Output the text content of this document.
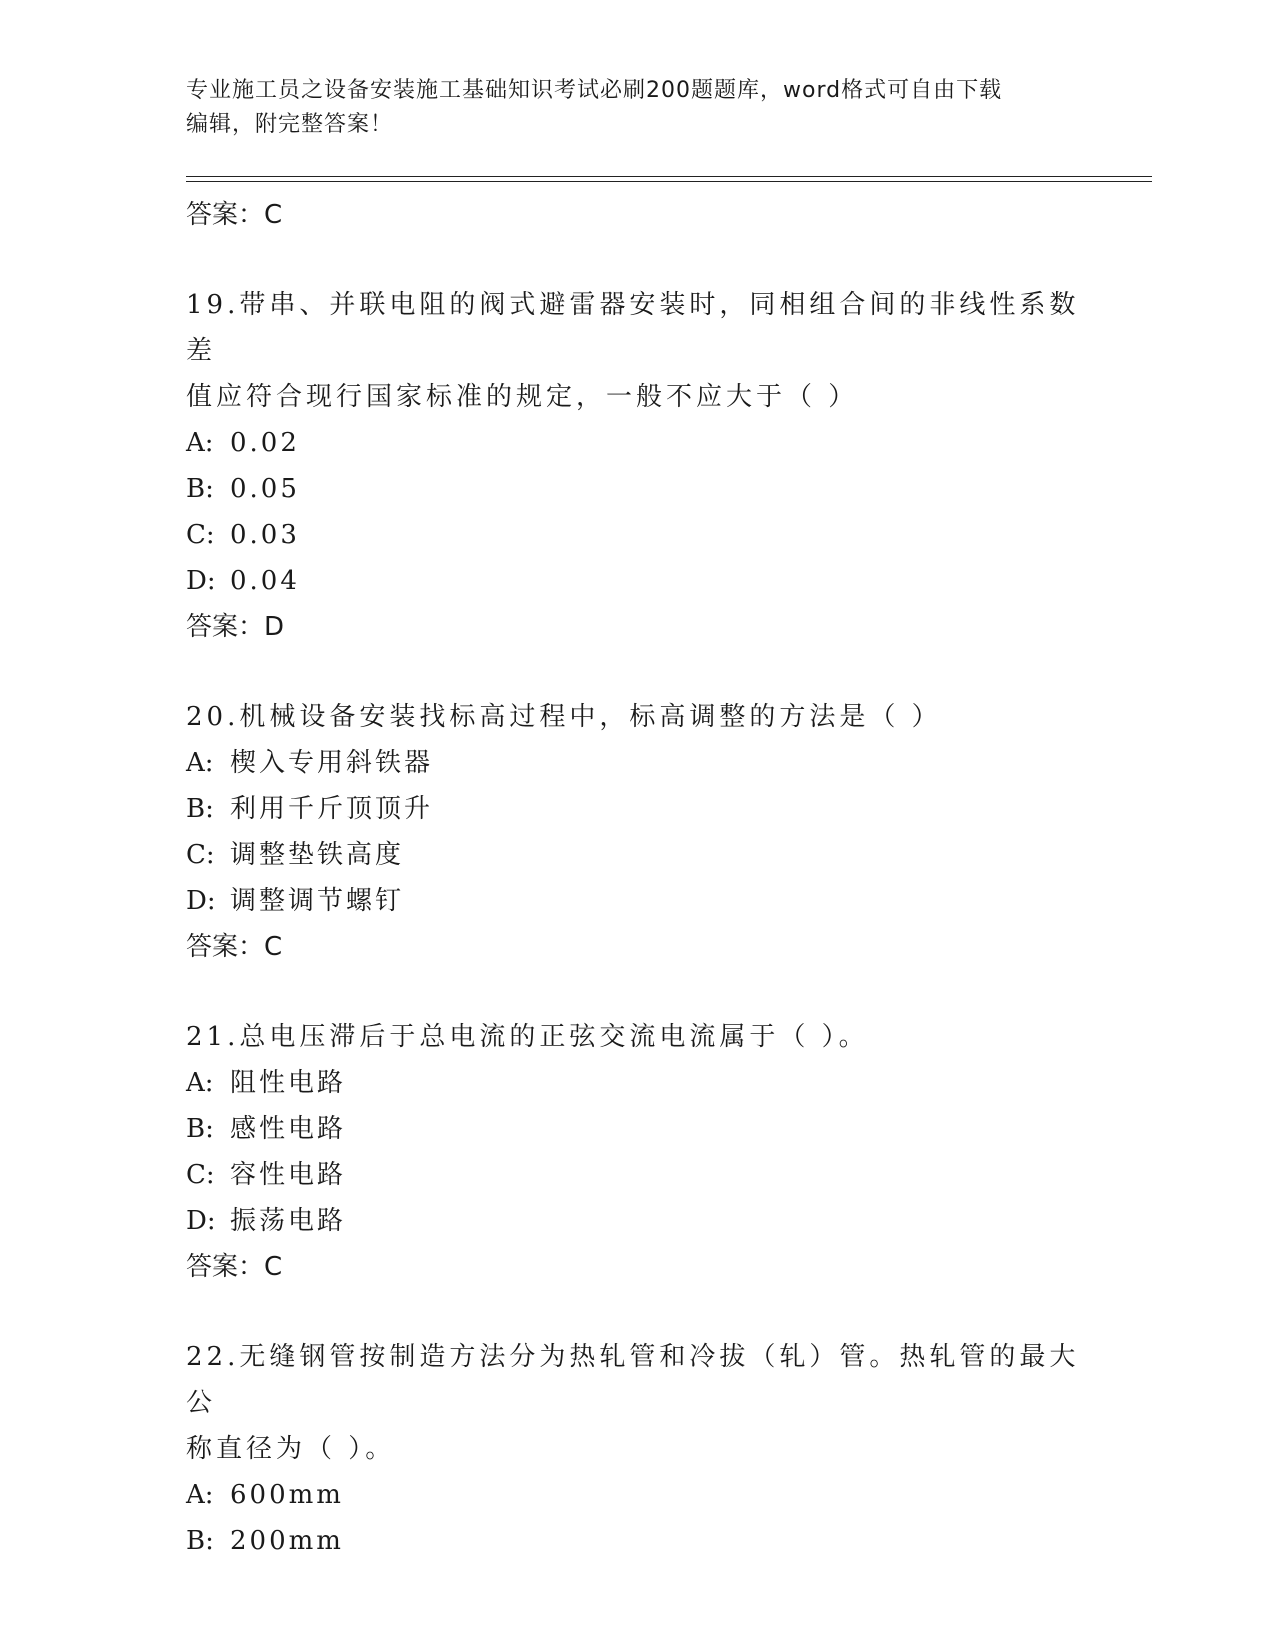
专业施工员之设备安装施工基础知识考试必刷200题题库，word格式可自由下载
编辑，附完整答案！
答案：C
19.带串、并联电阻的阀式避雷器安装时，同相组合间的非线性系数差
值应符合现行国家标准的规定，一般不应大于（ ）
A: 0.02
B: 0.05
C: 0.03
D: 0.04
答案：D
20.机械设备安装找标高过程中，标高调整的方法是（ ）
A: 楔入专用斜铁器
B: 利用千斤顶顶升
C: 调整垫铁高度
D: 调整调节螺钉
答案：C
21.总电压滞后于总电流的正弦交流电流属于（ ）。
A: 阻性电路
B: 感性电路
C: 容性电路
D: 振荡电路
答案：C
22.无缝钢管按制造方法分为热轧管和冷拔（轧）管。热轧管的最大公
称直径为（ ）。
A: 600mm
B: 200mm
